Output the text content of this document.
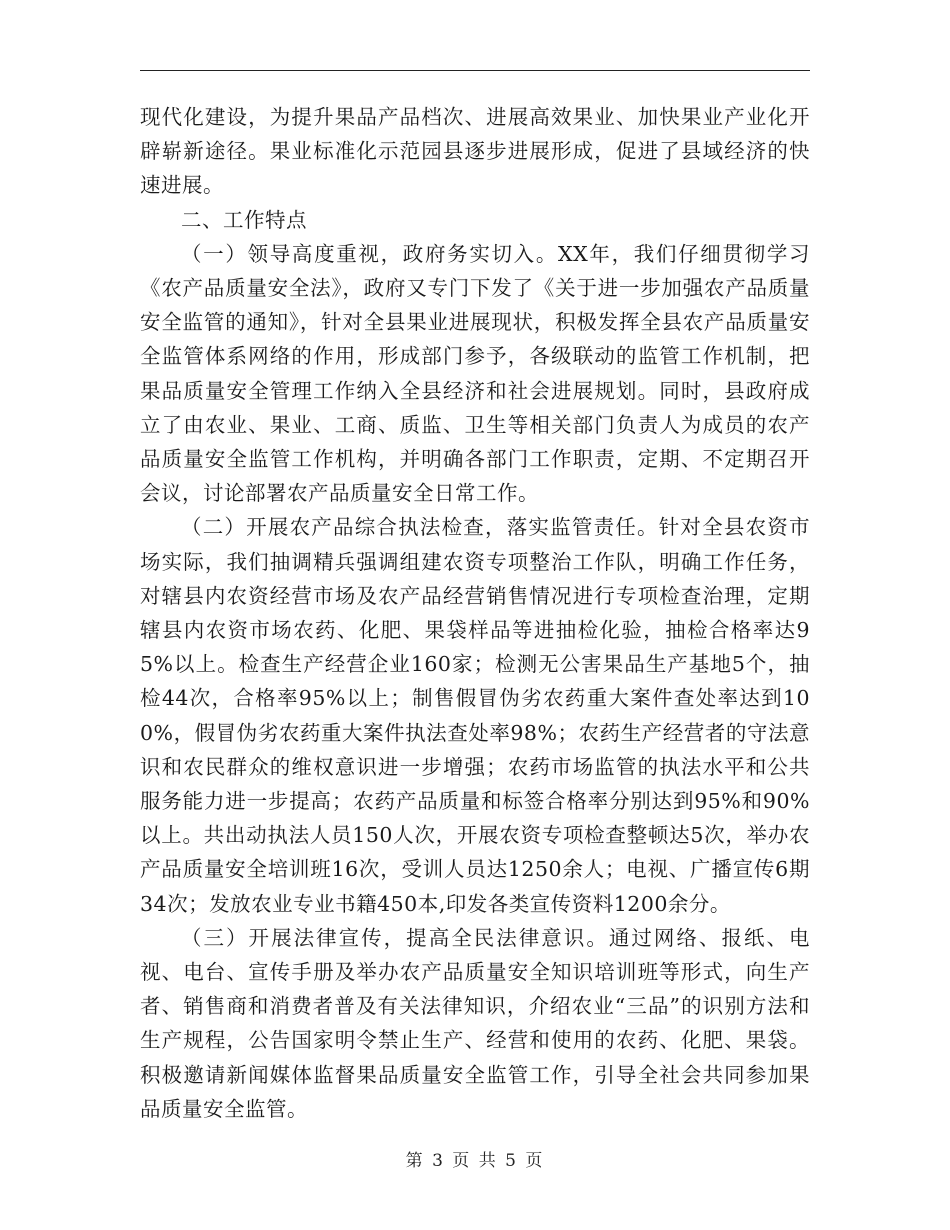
现代化建设，为提升果品产品档次、进展高效果业、加快果业产业化开辟崭新途径。果业标准化示范园县逐步进展形成，促进了县域经济的快速进展。

二、工作特点

（一）领导高度重视，政府务实切入。XX年，我们仔细贯彻学习《农产品质量安全法》，政府又专门下发了《关于进一步加强农产品质量安全监管的通知》，针对全县果业进展现状，积极发挥全县农产品质量安全监管体系网络的作用，形成部门参予，各级联动的监管工作机制，把果品质量安全管理工作纳入全县经济和社会进展规划。同时，县政府成立了由农业、果业、工商、质监、卫生等相关部门负责人为成员的农产品质量安全监管工作机构，并明确各部门工作职责，定期、不定期召开会议，讨论部署农产品质量安全日常工作。

（二）开展农产品综合执法检查，落实监管责任。针对全县农资市场实际，我们抽调精兵强调组建农资专项整治工作队，明确工作任务，对辖县内农资经营市场及农产品经营销售情况进行专项检查治理，定期辖县内农资市场农药、化肥、果袋样品等进抽检化验，抽检合格率达95%以上。检查生产经营企业160家；检测无公害果品生产基地5个，抽检44次，合格率95%以上；制售假冒伪劣农药重大案件查处率达到100%，假冒伪劣农药重大案件执法查处率98%；农药生产经营者的守法意识和农民群众的维权意识进一步增强；农药市场监管的执法水平和公共服务能力进一步提高；农药产品质量和标签合格率分别达到95%和90%以上。共出动执法人员150人次，开展农资专项检查整顿达5次，举办农产品质量安全培训班16次，受训人员达1250余人；电视、广播宣传6期34次；发放农业专业书籍450本,印发各类宣传资料1200余分。

（三）开展法律宣传，提高全民法律意识。通过网络、报纸、电视、电台、宣传手册及举办农产品质量安全知识培训班等形式，向生产者、销售商和消费者普及有关法律知识，介绍农业“三品”的识别方法和生产规程，公告国家明令禁止生产、经营和使用的农药、化肥、果袋。积极邀请新闻媒体监督果品质量安全监管工作，引导全社会共同参加果品质量安全监管。

第 3 页 共 5 页
